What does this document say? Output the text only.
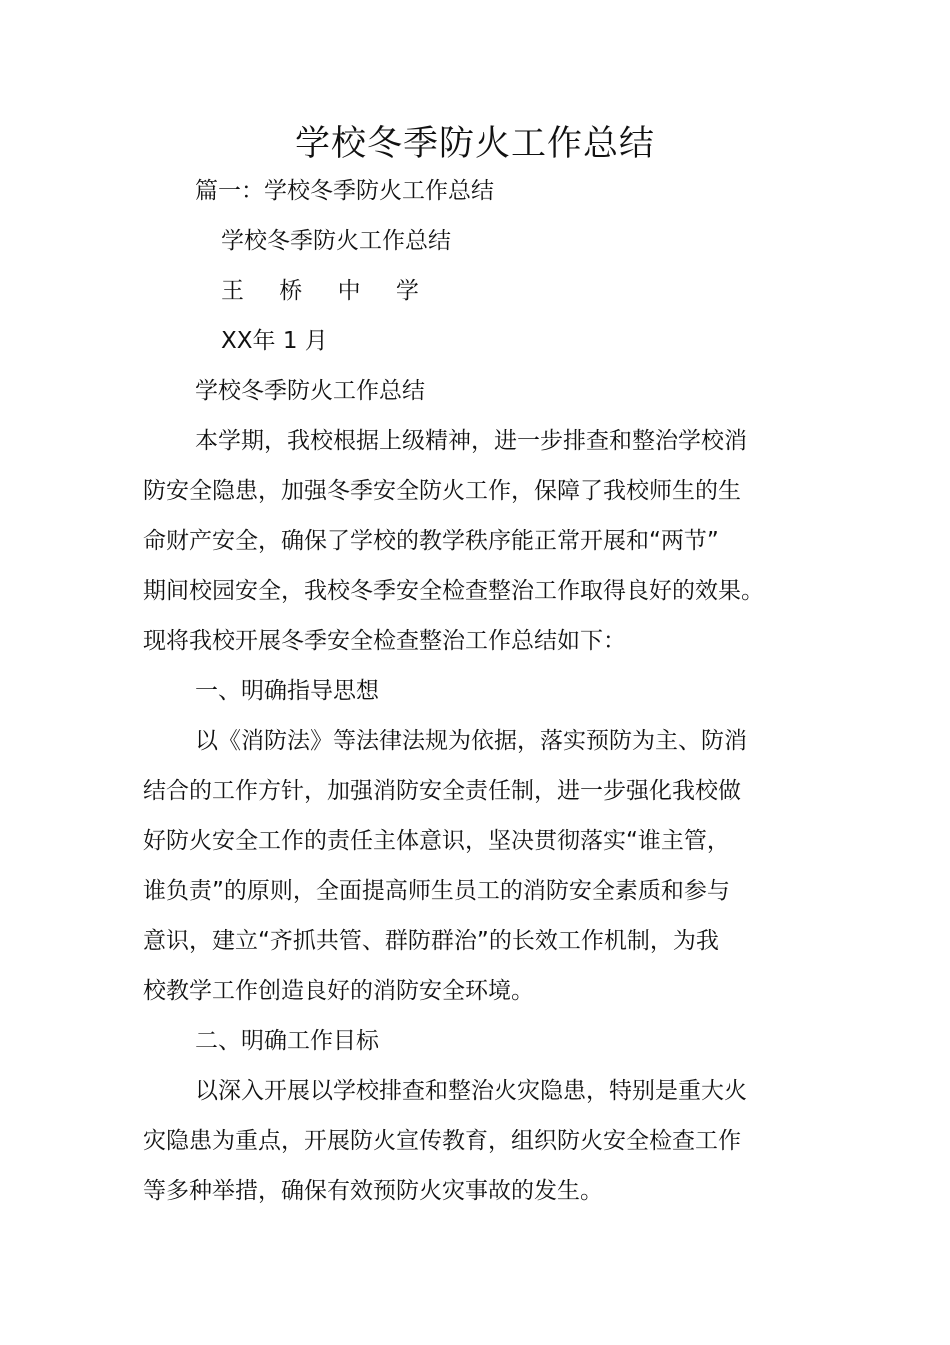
学校冬季防火工作总结

篇一：学校冬季防火工作总结

学校冬季防火工作总结

王 桥 中 学

XX年 1 月

学校冬季防火工作总结

本学期，我校根据上级精神，进一步排查和整治学校消

防安全隐患，加强冬季安全防火工作，保障了我校师生的生

命财产安全，确保了学校的教学秩序能正常开展和“两节”

期间校园安全，我校冬季安全检查整治工作取得良好的效果。

现将我校开展冬季安全检查整治工作总结如下：

一、明确指导思想

以《消防法》等法律法规为依据，落实预防为主、防消

结合的工作方针，加强消防安全责任制，进一步强化我校做

好防火安全工作的责任主体意识，坚决贯彻落实“谁主管，

谁负责”的原则，全面提高师生员工的消防安全素质和参与

意识，建立“齐抓共管、群防群治”的长效工作机制，为我

校教学工作创造良好的消防安全环境。

二、明确工作目标

以深入开展以学校排查和整治火灾隐患，特别是重大火

灾隐患为重点，开展防火宣传教育，组织防火安全检查工作

等多种举措，确保有效预防火灾事故的发生。
